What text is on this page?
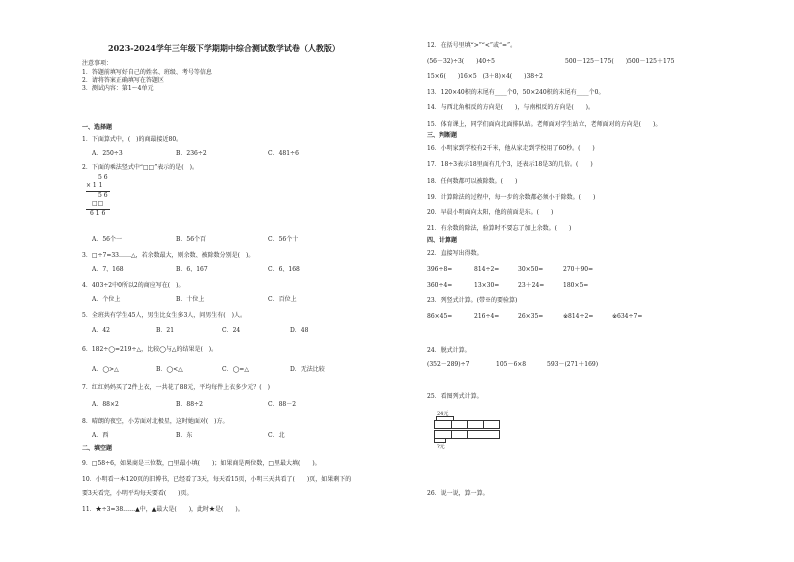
2023-2024学年三年级下学期期中综合测试数学试卷（人教版）
注意事项：
1．答题前填写好自己的姓名、班级、考号等信息
2．请将答案正确填写在答题区
3．测试内容：第1～4单元
一、选择题
1．下面算式中，(　)的商最接近80。
A．250÷3	B．236÷2	C．481÷6
2．下面的乘法竖式中“□□”表示的是(　)。
5 6
× 1 1
5 6
□□
6 1 6
A．56个一	B．56个百	C．56个十
3．□÷7=33……△，若余数最大，则余数、被除数分别是(　)。
A．7、168	B．6、167	C．6、168
4．403÷2中0所以2的商应写在(　)。
A．个位上	B．十位上	C．百位上
5．全班共有学生45人，男生比女生多3人，问男生有(　)人。
A．42	B．21	C．24	D．48
6．182÷◯=219÷△，比较◯与△的结果是(　)。
A．◯>△	B．◯<△	C．◯=△	D．无法比较
7．红红妈妈买了2件上衣，一共花了88元，平均每件上衣多少元？(　)
A．88×2	B．88÷2	C．88－2
8．晴朗的夜空，小芳面对北极星，这时她面对(　)方。
A．西	B．东	C．北
二、填空题
9．□58÷6，如果商是三位数，□里最小填(　　)；如果商是两位数，□里最大填(　　)。
10．小明看一本120页的旧博书，已经看了3天，每天看15页，小明三天共看了(　　)页，如果剩下的
要3天看完，小明平均每天要看(　　)页。
11．★÷3=38……▲中，▲最大是(　　)，此时★是(　　)。
12．在括号里填“>”“<”或“=”。
(56－32)÷3(　　)40÷5	500－125－175(　　)500－125＋175
15×6(　　)16×5　(3＋8)×4(　　)38÷2
13．120×40积的末尾有____个0，50×240积的末尾有____个0。
14．与西北角相反的方向是(　　)，与南相反的方向是(　　)。
15．体育课上，同学们面向北面排队站。老师面对学生站立，老师面对的方向是(　　)。
三、判断题
16．小明家到学校有2千米，他从家走到学校用了60秒。(　　)
17．18÷3表示18里面有几个3，还表示18是3的几倍。(　　)
18．任何数都可以被除数。(　　)
19．计算除法的过程中，每一步的余数都必须小于除数。(　　)
20．早晨小明面向太阳，他的前面是东。(　　)
21．有余数的除法，验算时不要忘了加上余数。(　　)
四、计算题
22．直接写出得数。
396÷8=	814÷2=	30×50=	270＋90=
360÷4=	13×30=	23＋24=	180×5=
23．列竖式计算。(带※的要验算)
86×45=	216÷4=	26×35=	※814÷2=	※634÷7=
24．脱式计算。
(352－289)÷7	105－6×8	593－(271＋169)
25．看图列式计算。
24元
?元
26．说一说，算一算。
